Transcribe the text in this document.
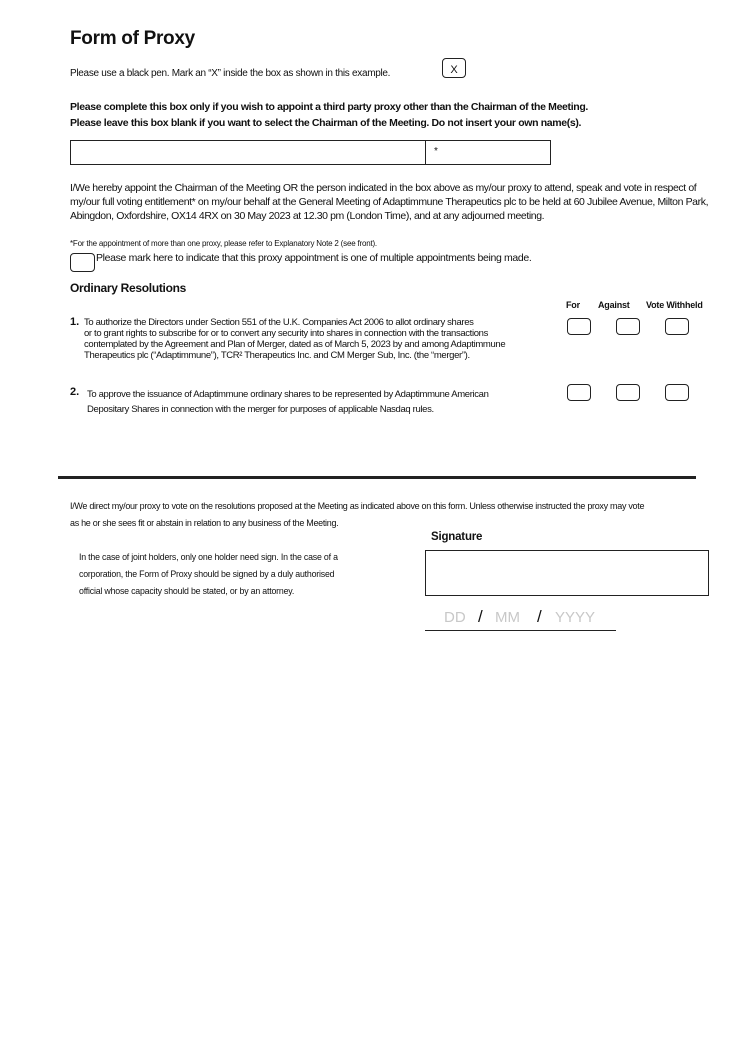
Form of Proxy
Please use a black pen. Mark an “X” inside the box as shown in this example.	X
Please complete this box only if you wish to appoint a third party proxy other than the Chairman of the Meeting.
Please leave this box blank if you want to select the Chairman of the Meeting. Do not insert your own name(s).
*
I/We hereby appoint the Chairman of the Meeting OR the person indicated in the box above as my/our proxy to attend, speak and vote in respect of my/our full voting entitlement* on my/our behalf at the General Meeting of Adaptimmune Therapeutics plc to be held at 60 Jubilee Avenue, Milton Park, Abingdon, Oxfordshire, OX14 4RX on 30 May 2023 at 12.30 pm (London Time), and at any adjourned meeting.
*For the appointment of more than one proxy, please refer to Explanatory Note 2 (see front).
Please mark here to indicate that this proxy appointment is one of multiple appointments being made.
Ordinary Resolutions
For Against Vote Withheld
1. To authorize the Directors under Section 551 of the U.K. Companies Act 2006 to allot ordinary shares
or to grant rights to subscribe for or to convert any security into shares in connection with the transactions
contemplated by the Agreement and Plan of Merger, dated as of March 5, 2023 by and among Adaptimmune
Therapeutics plc (“Adaptimmune”), TCR² Therapeutics Inc. and CM Merger Sub, Inc. (the “merger”).
2. To approve the issuance of Adaptimmune ordinary shares to be represented by Adaptimmune American
Depositary Shares in connection with the merger for purposes of applicable Nasdaq rules.
I/We direct my/our proxy to vote on the resolutions proposed at the Meeting as indicated above on this form. Unless otherwise instructed the proxy may vote
as he or she sees fit or abstain in relation to any business of the Meeting.
Signature
In the case of joint holders, only one holder need sign. In the case of a
corporation, the Form of Proxy should be signed by a duly authorised
official whose capacity should be stated, or by an attorney.
DD / MM / YYYY
